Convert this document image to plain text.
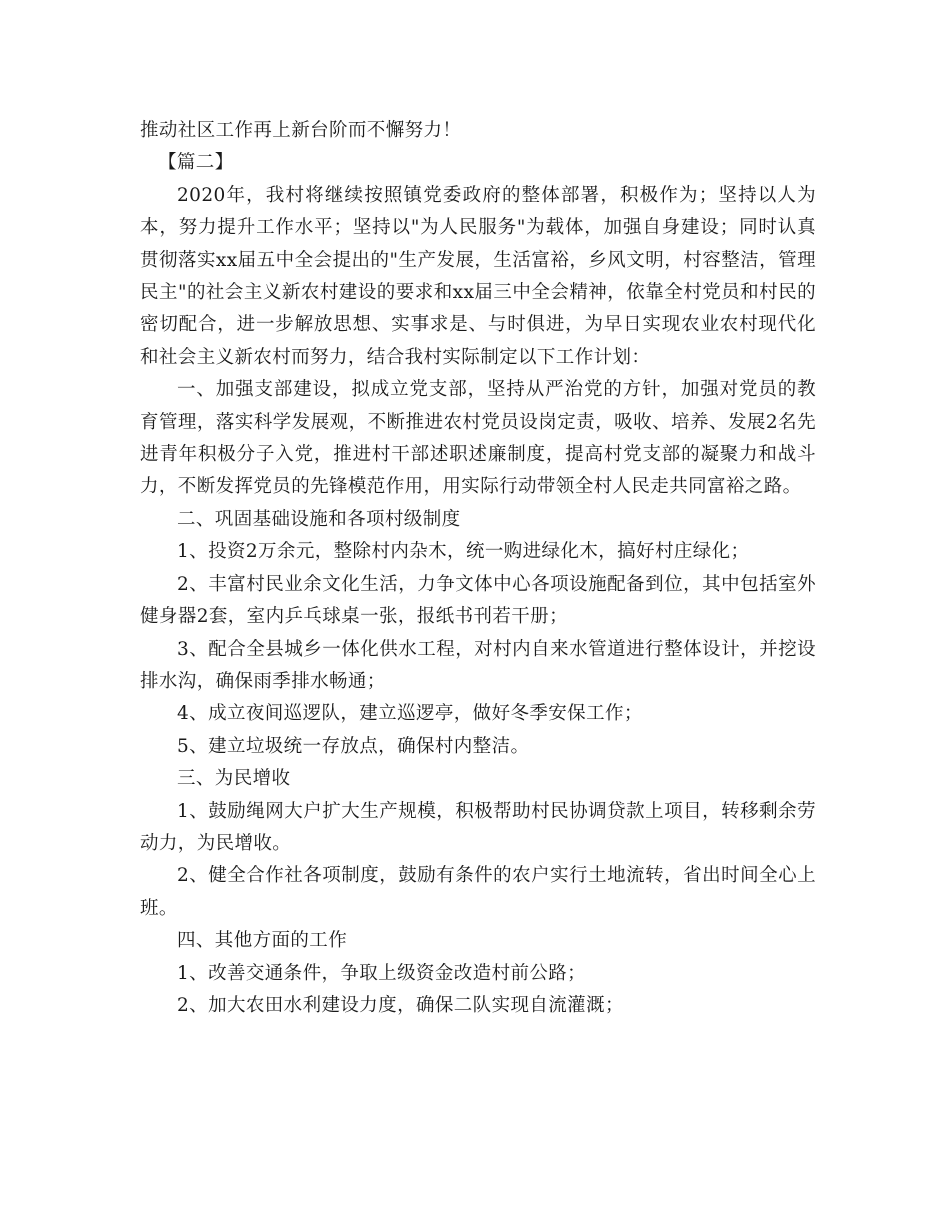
推动社区工作再上新台阶而不懈努力！

【篇二】

2020年，我村将继续按照镇党委政府的整体部署，积极作为；坚持以人为本，努力提升工作水平；坚持以"为人民服务"为载体，加强自身建设；同时认真贯彻落实xx届五中全会提出的"生产发展，生活富裕，乡风文明，村容整洁，管理民主"的社会主义新农村建设的要求和xx届三中全会精神，依靠全村党员和村民的密切配合，进一步解放思想、实事求是、与时俱进，为早日实现农业农村现代化和社会主义新农村而努力，结合我村实际制定以下工作计划：

一、加强支部建设，拟成立党支部，坚持从严治党的方针，加强对党员的教育管理，落实科学发展观，不断推进农村党员设岗定责，吸收、培养、发展2名先进青年积极分子入党，推进村干部述职述廉制度，提高村党支部的凝聚力和战斗力，不断发挥党员的先锋模范作用，用实际行动带领全村人民走共同富裕之路。

二、巩固基础设施和各项村级制度

1、投资2万余元，整除村内杂木，统一购进绿化木，搞好村庄绿化；

2、丰富村民业余文化生活，力争文体中心各项设施配备到位，其中包括室外健身器2套，室内乒乓球桌一张，报纸书刊若干册；

3、配合全县城乡一体化供水工程，对村内自来水管道进行整体设计，并挖设排水沟，确保雨季排水畅通；

4、成立夜间巡逻队，建立巡逻亭，做好冬季安保工作；

5、建立垃圾统一存放点，确保村内整洁。

三、为民增收

1、鼓励绳网大户扩大生产规模，积极帮助村民协调贷款上项目，转移剩余劳动力，为民增收。

2、健全合作社各项制度，鼓励有条件的农户实行土地流转，省出时间全心上班。

四、其他方面的工作

1、改善交通条件，争取上级资金改造村前公路；

2、加大农田水利建设力度，确保二队实现自流灌溉；
